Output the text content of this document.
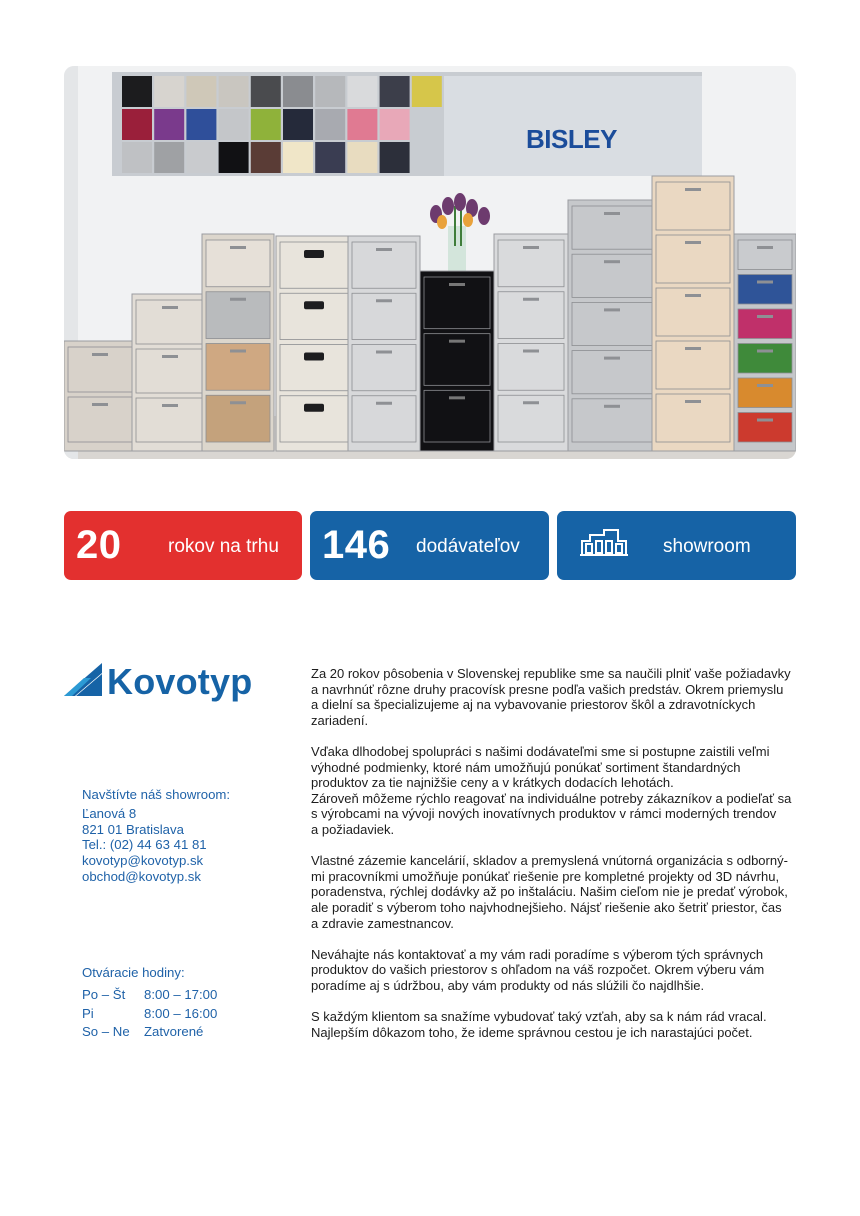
BISLEY
20 rokov na trhu 146 dodávateľov	showroom
Kovotyp
Navštívte náš showroom:
Ľanová 8
821 01 Bratislava
Tel.: (02) 44 63 41 81
kovotyp@kovotyp.sk
obchod@kovotyp.sk
Otváracie hodiny:
Po – Št 8:00 – 17:00
Pi	8:00 – 16:00
So – Ne Zatvorené
Za 20 rokov pôsobenia v Slovenskej republike sme sa naučili plniť vaše požiadavky
a navrhnúť rôzne druhy pracovísk presne podľa vašich predstáv. Okrem priemyslu
a dielní sa špecializujeme aj na vybavovanie priestorov škôl a zdravotníckych
zariadení.
Vďaka dlhodobej spolupráci s našimi dodávateľmi sme si postupne zaistili veľmi
výhodné podmienky, ktoré nám umožňujú ponúkať sortiment štandardných
produktov za tie najnižšie ceny a v krátkych dodacích lehotách.
Zároveň môžeme rýchlo reagovať na individuálne potreby zákazníkov a podieľať sa
s výrobcami na vývoji nových inovatívnych produktov v rámci moderných trendov
a požiadaviek.
Vlastné zázemie kancelárií, skladov a premyslená vnútorná organizácia s odborný-
mi pracovníkmi umožňuje ponúkať riešenie pre kompletné projekty od 3D návrhu,
poradenstva, rýchlej dodávky až po inštaláciu. Našim cieľom nie je predať výrobok,
ale poradiť s výberom toho najvhodnejšieho. Nájsť riešenie ako šetriť priestor, čas
a zdravie zamestnancov.
Neváhajte nás kontaktovať a my vám radi poradíme s výberom tých správnych
produktov do vašich priestorov s ohľadom na váš rozpočet. Okrem výberu vám
poradíme aj s údržbou, aby vám produkty od nás slúžili čo najdlhšie.
S každým klientom sa snažíme vybudovať taký vzťah, aby sa k nám rád vracal.
Najlepším dôkazom toho, že ideme správnou cestou je ich narastajúci počet.
